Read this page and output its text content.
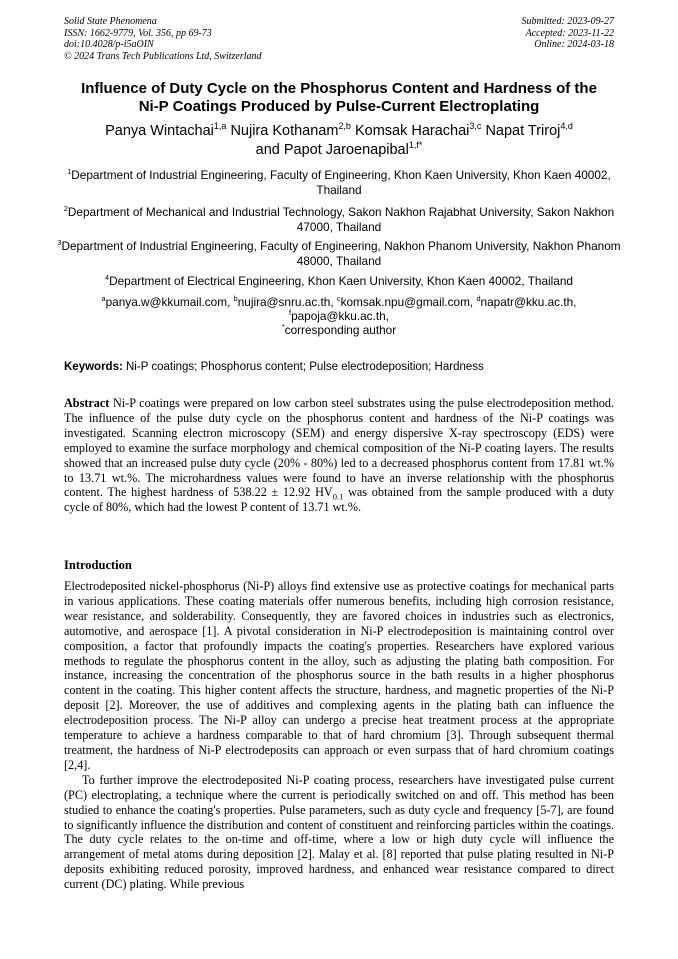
Solid State Phenomena
ISSN: 1662-9779, Vol. 356, pp 69-73
doi:10.4028/p-i5aOIN
© 2024 Trans Tech Publications Ltd, Switzerland
Submitted: 2023-09-27
Accepted: 2023-11-22
Online: 2024-03-18
Influence of Duty Cycle on the Phosphorus Content and Hardness of the
Ni-P Coatings Produced by Pulse-Current Electroplating
Panya Wintachai$^{1,a}$ Nujira Kothanam$^{2,b}$ Komsak Harachai$^{3,c}$ Napat Triroj$^{4,d}$
and Papot Jaroenapibal$^{1,f*}$
$^1$Department of Industrial Engineering, Faculty of Engineering, Khon Kaen University, Khon Kaen 40002, Thailand
$^2$Department of Mechanical and Industrial Technology, Sakon Nakhon Rajabhat University, Sakon Nakhon 47000, Thailand
$^3$Department of Industrial Engineering, Faculty of Engineering, Nakhon Phanom University, Nakhon Phanom 48000, Thailand
$^4$Department of Electrical Engineering, Khon Kaen University, Khon Kaen 40002, Thailand
$^a$panya.w@kkumail.com, $^b$nujira@snru.ac.th, $^c$komsak.npu@gmail.com, $^d$napatr@kku.ac.th,
$^f$papoja@kku.ac.th,
*corresponding author
Keywords: Ni-P coatings; Phosphorus content; Pulse electrodeposition; Hardness
Abstract Ni-P coatings were prepared on low carbon steel substrates using the pulse electrodeposition method. The influence of the pulse duty cycle on the phosphorus content and hardness of the Ni-P coatings was investigated. Scanning electron microscopy (SEM) and energy dispersive X-ray spectroscopy (EDS) were employed to examine the surface morphology and chemical composition of the Ni-P coating layers. The results showed that an increased pulse duty cycle (20% - 80%) led to a decreased phosphorus content from 17.81 wt.% to 13.71 wt.%. The microhardness values were found to have an inverse relationship with the phosphorus content. The highest hardness of 538.22 ± 12.92 $HV_{0.1}$ was obtained from the sample produced with a duty cycle of 80%, which had the lowest P content of 13.71 wt.%.
Introduction

Electrodeposited nickel-phosphorus (Ni-P) alloys find extensive use as protective coatings for mechanical parts in various applications. These coating materials offer numerous benefits, including high corrosion resistance, wear resistance, and solderability. Consequently, they are favored choices in industries such as electronics, automotive, and aerospace [1]. A pivotal consideration in Ni-P electrodeposition is maintaining control over composition, a factor that profoundly impacts the coating's properties. Researchers have explored various methods to regulate the phosphorus content in the alloy, such as adjusting the plating bath composition. For instance, increasing the concentration of the phosphorus source in the bath results in a higher phosphorus content in the coating. This higher content affects the structure, hardness, and magnetic properties of the Ni-P deposit [2]. Moreover, the use of additives and complexing agents in the plating bath can influence the electrodeposition process. The Ni-P alloy can undergo a precise heat treatment process at the appropriate temperature to achieve a hardness comparable to that of hard chromium [3]. Through subsequent thermal treatment, the hardness of Ni-P electrodeposits can approach or even surpass that of hard chromium coatings [2,4].

To further improve the electrodeposited Ni-P coating process, researchers have investigated pulse current (PC) electroplating, a technique where the current is periodically switched on and off. This method has been studied to enhance the coating's properties. Pulse parameters, such as duty cycle and frequency [5-7], are found to significantly influence the distribution and content of constituent and reinforcing particles within the coatings. The duty cycle relates to the on-time and off-time, where a low or high duty cycle will influence the arrangement of metal atoms during deposition [2]. Malay et al. [8] reported that pulse plating resulted in Ni-P deposits exhibiting reduced porosity, improved hardness, and enhanced wear resistance compared to direct current (DC) plating. While previous
